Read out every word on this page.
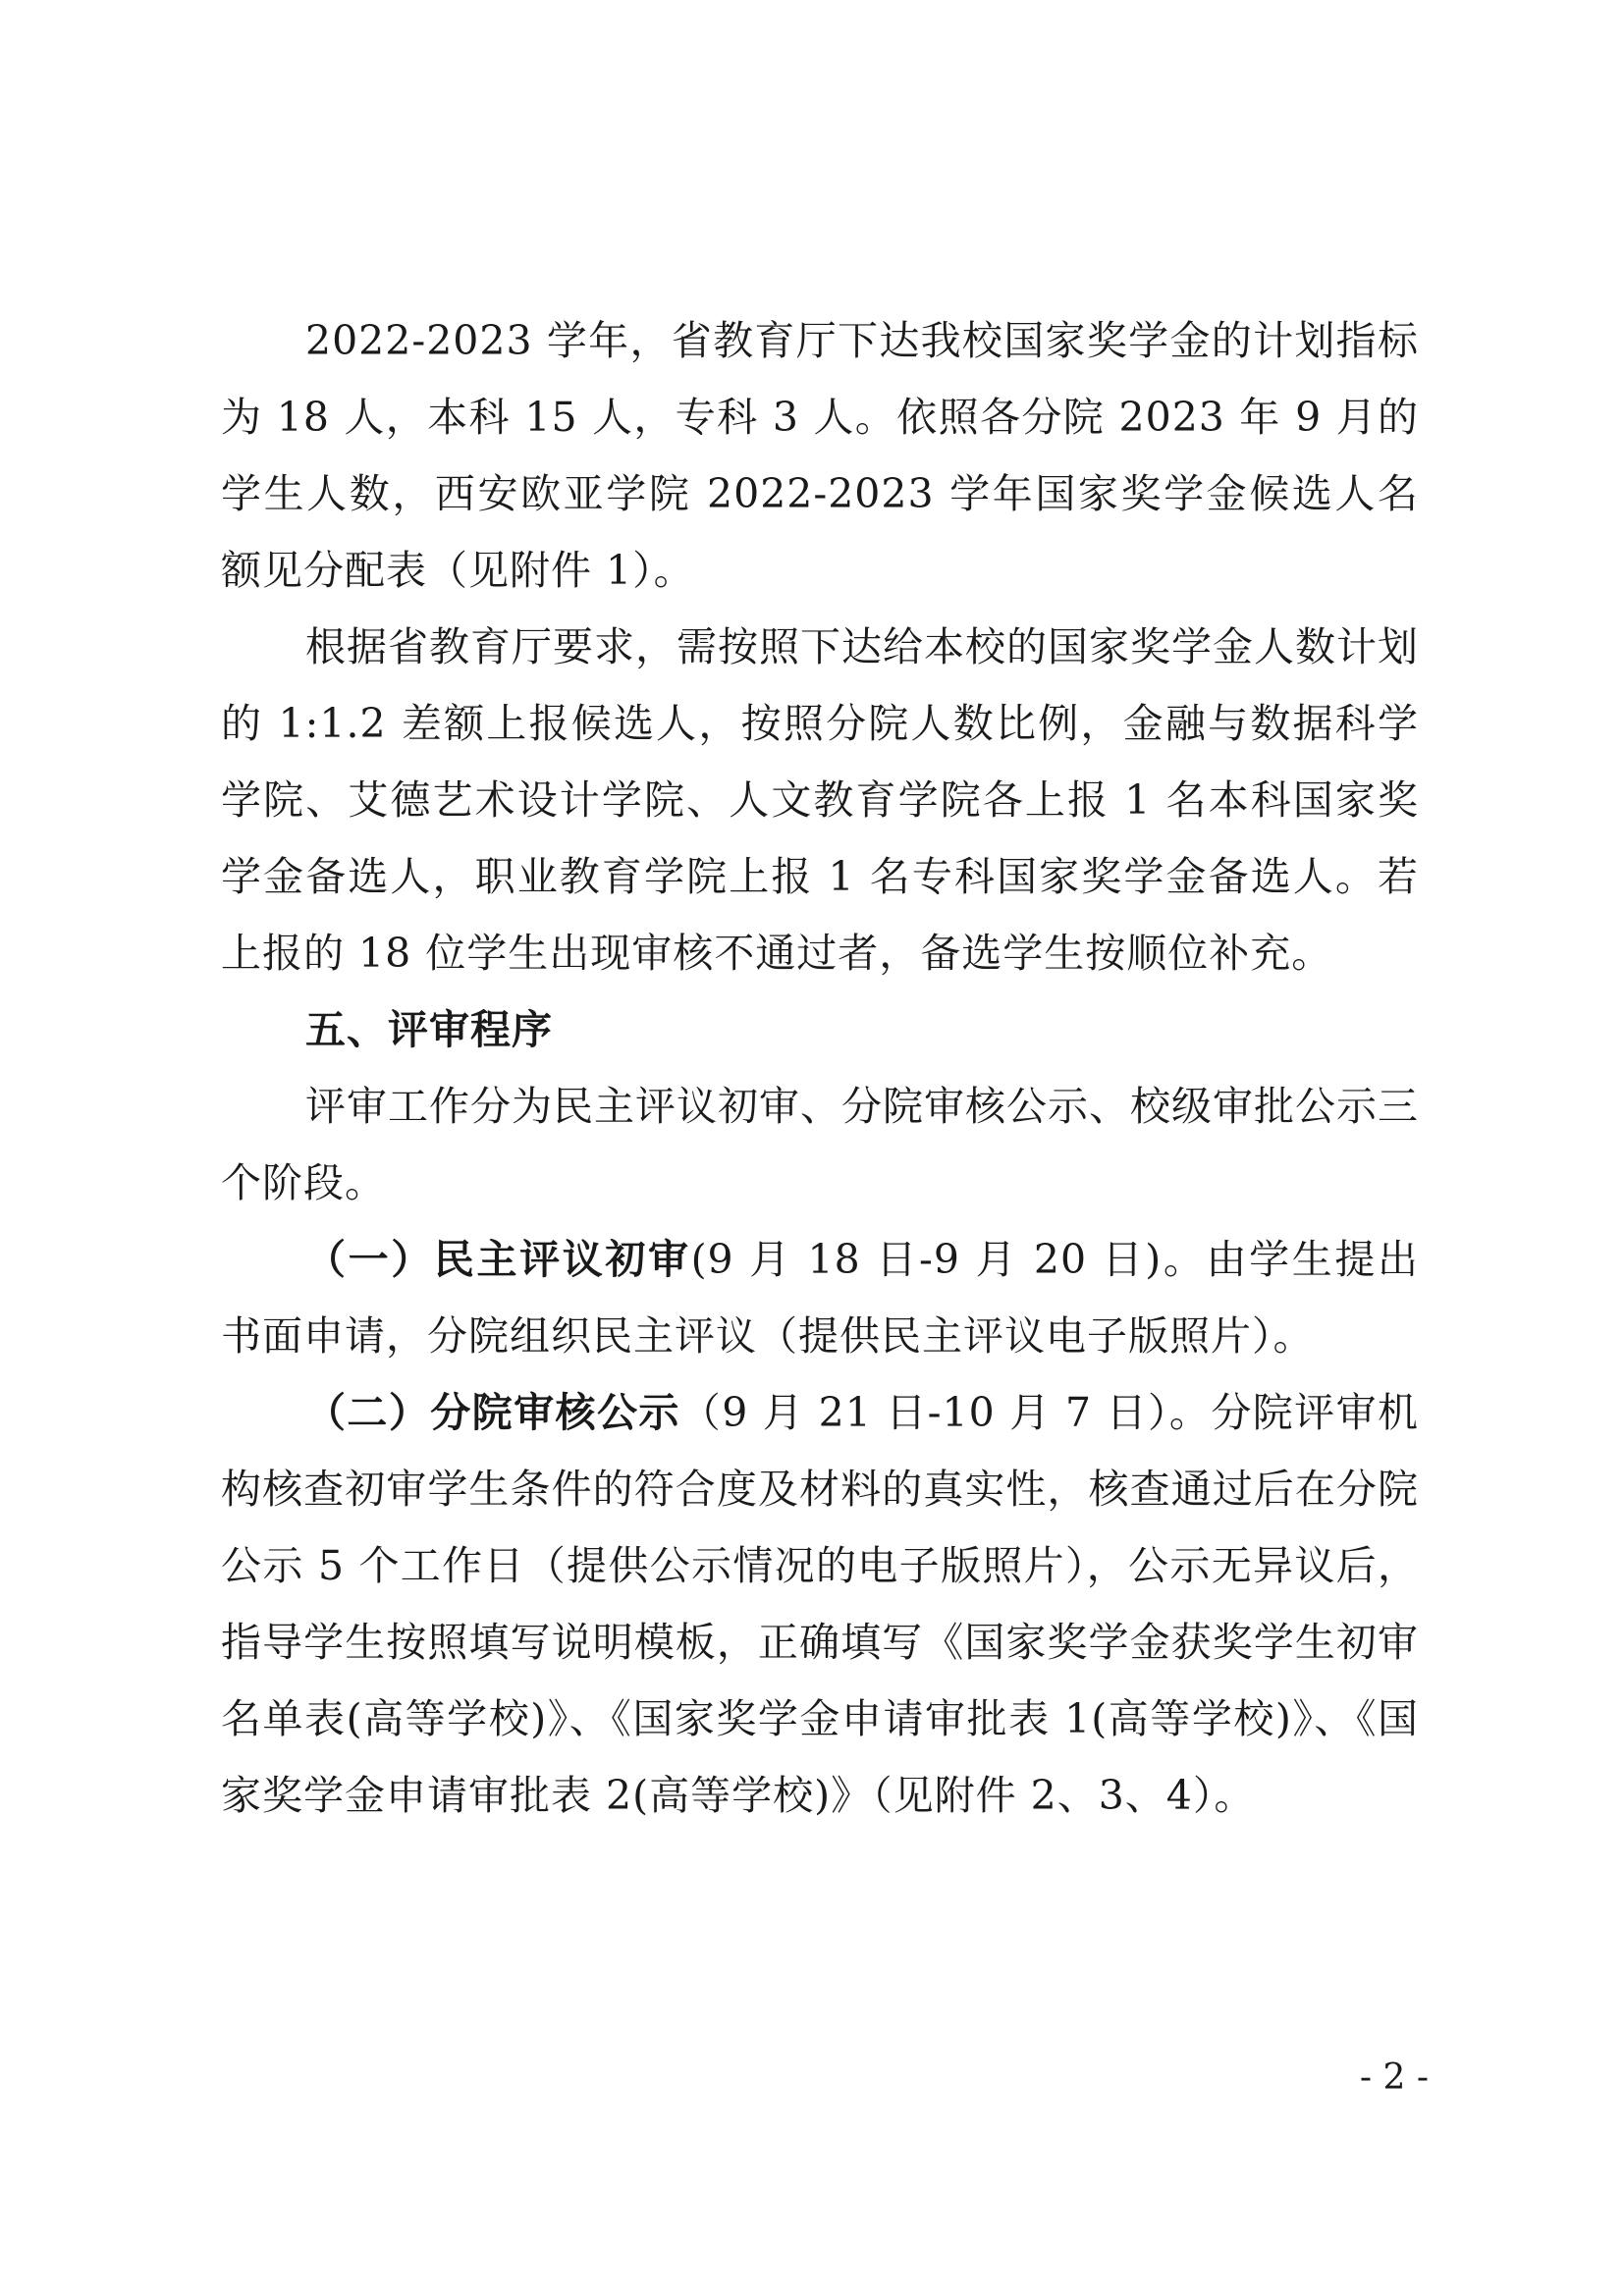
2022-2023 学年，省教育厅下达我校国家奖学金的计划指标为 18 人，本科 15 人，专科 3 人。依照各分院 2023 年 9 月的学生人数，西安欧亚学院 2022-2023 学年国家奖学金候选人名额见分配表（见附件 1）。

根据省教育厅要求，需按照下达给本校的国家奖学金人数计划的 1:1.2 差额上报候选人，按照分院人数比例，金融与数据科学学院、艾德艺术设计学院、人文教育学院各上报 1 名本科国家奖学金备选人，职业教育学院上报 1 名专科国家奖学金备选人。若上报的 18 位学生出现审核不通过者，备选学生按顺位补充。

五、评审程序

评审工作分为民主评议初审、分院审核公示、校级审批公示三个阶段。

（一）民主评议初审(9 月 18 日-9 月 20 日)。由学生提出书面申请，分院组织民主评议（提供民主评议电子版照片）。

（二）分院审核公示（9 月 21 日-10 月 7 日）。分院评审机构核查初审学生条件的符合度及材料的真实性，核查通过后在分院公示 5 个工作日（提供公示情况的电子版照片），公示无异议后，指导学生按照填写说明模板，正确填写《国家奖学金获奖学生初审名单表(高等学校)》、《国家奖学金申请审批表 1(高等学校)》、《国家奖学金申请审批表 2(高等学校)》（见附件 2、3、4）。

- 2 -
